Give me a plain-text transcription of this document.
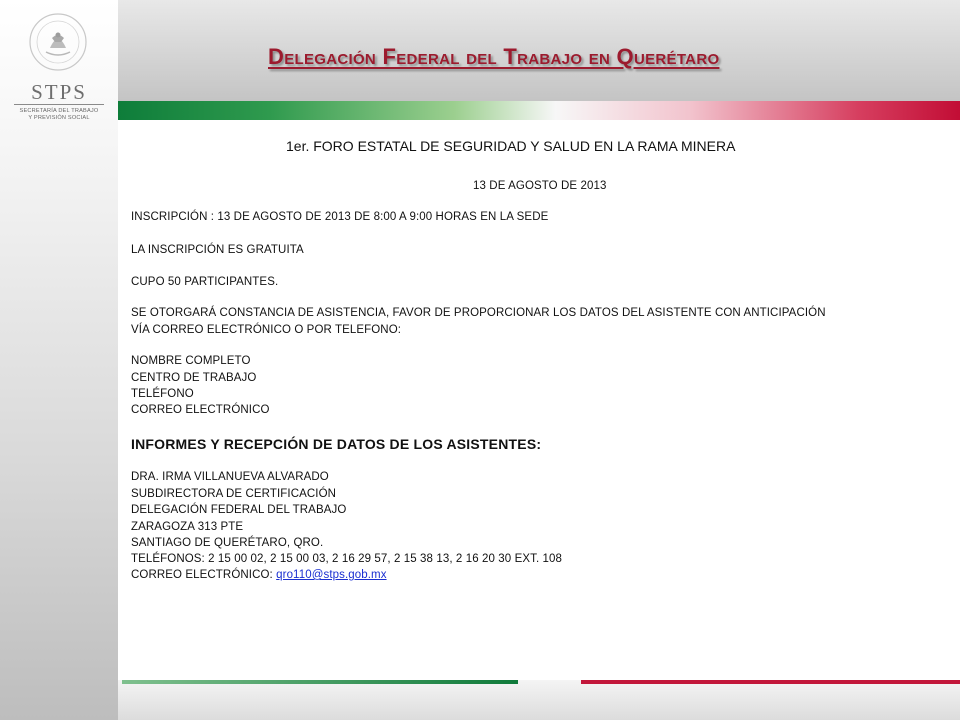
STPS
SECRETARÍA DEL TRABAJO
Y PREVISIÓN SOCIAL
Delegación Federal del Trabajo en Querétaro
1er. FORO ESTATAL DE SEGURIDAD Y SALUD EN LA RAMA MINERA
13 DE AGOSTO DE 2013
INSCRIPCIÓN : 13 DE AGOSTO DE 2013 DE 8:00 A 9:00 HORAS EN LA SEDE
LA INSCRIPCIÓN ES GRATUITA
CUPO 50 PARTICIPANTES.
SE OTORGARÁ CONSTANCIA DE ASISTENCIA, FAVOR DE PROPORCIONAR LOS DATOS DEL ASISTENTE CON ANTICIPACIÓN
VÍA CORREO ELECTRÓNICO O POR TELEFONO:
NOMBRE COMPLETO
CENTRO DE TRABAJO
TELÉFONO
CORREO ELECTRÓNICO
INFORMES Y RECEPCIÓN DE DATOS DE LOS ASISTENTES:
DRA. IRMA VILLANUEVA ALVARADO
SUBDIRECTORA DE CERTIFICACIÓN
DELEGACIÓN FEDERAL DEL TRABAJO
ZARAGOZA 313 PTE
SANTIAGO DE QUERÉTARO, QRO.
TELÉFONOS: 2 15 00 02, 2 15 00 03, 2 16 29 57, 2 15 38 13, 2 16 20 30 EXT. 108
CORREO ELECTRÓNICO: qro110@stps.gob.mx
